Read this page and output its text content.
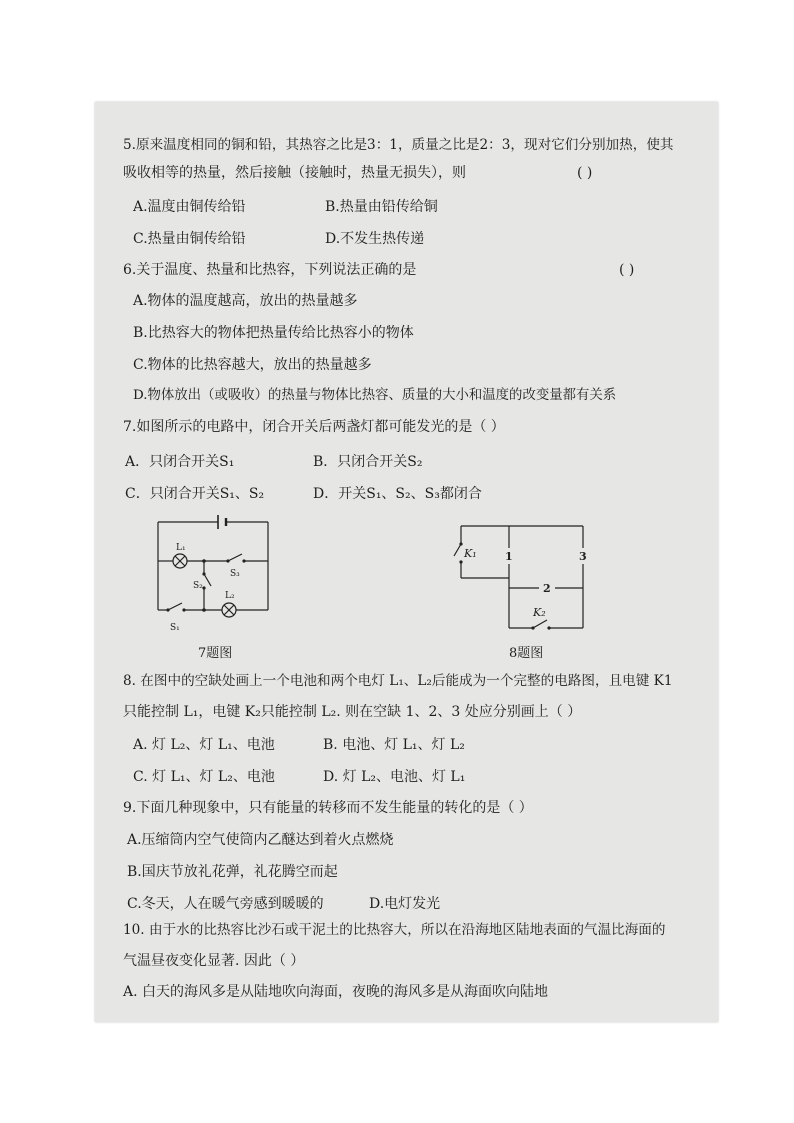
5.原来温度相同的铜和铅，其热容之比是3：1，质量之比是2：3，现对它们分别加热，使其
吸收相等的热量，然后接触（接触时，热量无损失），则	( )
A.温度由铜传给铅	B.热量由铅传给铜
C.热量由铜传给铅	D.不发生热传递
6.关于温度、热量和比热容，下列说法正确的是	( )
A.物体的温度越高，放出的热量越多
B.比热容大的物体把热量传给比热容小的物体
C.物体的比热容越大，放出的热量越多
D.物体放出（或吸收）的热量与物体比热容、质量的大小和温度的改变量都有关系
7.如图所示的电路中，闭合开关后两盏灯都可能发光的是（ ）
A．只闭合开关S₁	B．只闭合开关S₂
C．只闭合开关S₁、S₂	D．开关S₁、S₂、S₃都闭合
L₁
S₃
S₂
L₂
S₁
7题图
K₁	1
2
3
K₂
8题图
8. 在图中的空缺处画上一个电池和两个电灯 L₁、L₂后能成为一个完整的电路图，且电键 K1
只能控制 L₁，电键 K₂只能控制 L₂. 则在空缺 1、2、3 处应分别画上（ ）
A. 灯 L₂、灯 L₁、电池	B. 电池、灯 L₁、灯 L₂
C. 灯 L₁、灯 L₂、电池	D. 灯 L₂、电池、灯 L₁
9.下面几种现象中，只有能量的转移而不发生能量的转化的是（ ）
A.压缩筒内空气使筒内乙醚达到着火点燃烧
B.国庆节放礼花弹，礼花腾空而起
C.冬天，人在暖气旁感到暖暖的	D.电灯发光
10. 由于水的比热容比沙石或干泥土的比热容大，所以在沿海地区陆地表面的气温比海面的
气温昼夜变化显著. 因此（ ）
A. 白天的海风多是从陆地吹向海面，夜晚的海风多是从海面吹向陆地
